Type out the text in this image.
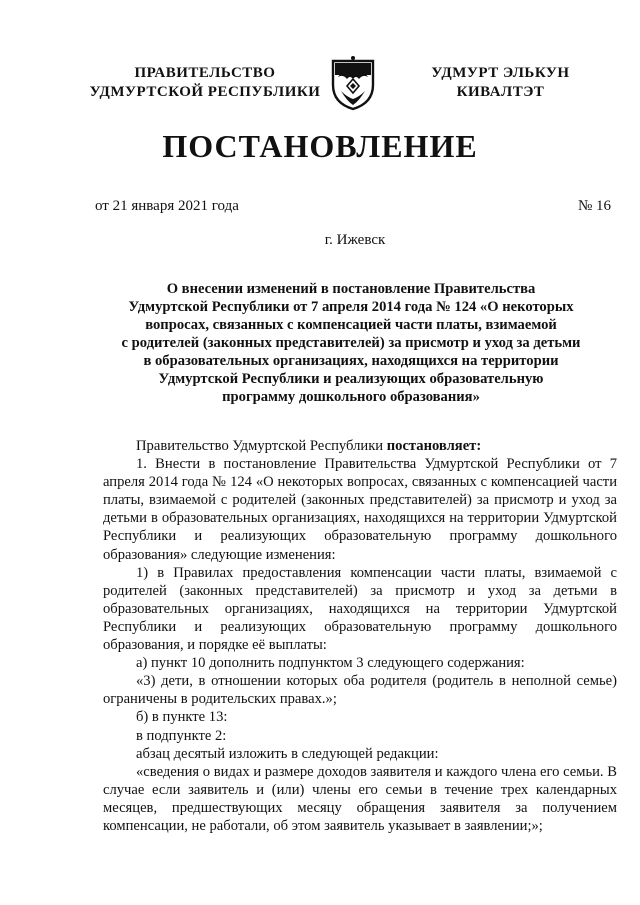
ПРАВИТЕЛЬСТВО
УДМУРТСКОЙ РЕСПУБЛИКИ
УДМУРТ ЭЛЬКУН
КИВАЛТЭТ
ПОСТАНОВЛЕНИЕ
от 21 января 2021 года	№ 16
г. Ижевск
О внесении изменений в постановление Правительства
Удмуртской Республики от 7 апреля 2014 года № 124 «О некоторых
вопросах, связанных с компенсацией части платы, взимаемой
с родителей (законных представителей) за присмотр и уход за детьми
в образовательных организациях, находящихся на территории
Удмуртской Республики и реализующих образовательную
программу дошкольного образования»

Правительство Удмуртской Республики постановляет:

1. Внести в постановление Правительства Удмуртской Республики от 7 апреля 2014 года № 124 «О некоторых вопросах, связанных с компенсацией части платы, взимаемой с родителей (законных представителей) за присмотр и уход за детьми в образовательных организациях, находящихся на территории Удмуртской Республики и реализующих образовательную программу дошкольного образования» следующие изменения:

1) в Правилах предоставления компенсации части платы, взимаемой с родителей (законных представителей) за присмотр и уход за детьми в образовательных организациях, находящихся на территории Удмуртской Республики и реализующих образовательную программу дошкольного образования, и порядке её выплаты:

а) пункт 10 дополнить подпунктом 3 следующего содержания:

«3) дети, в отношении которых оба родителя (родитель в неполной семье) ограничены в родительских правах.»;

б) в пункте 13:

в подпункте 2:

абзац десятый изложить в следующей редакции:

«сведения о видах и размере доходов заявителя и каждого члена его семьи. В случае если заявитель и (или) члены его семьи в течение трех календарных месяцев, предшествующих месяцу обращения заявителя за получением компенсации, не работали, об этом заявитель указывает в заявлении;»;
